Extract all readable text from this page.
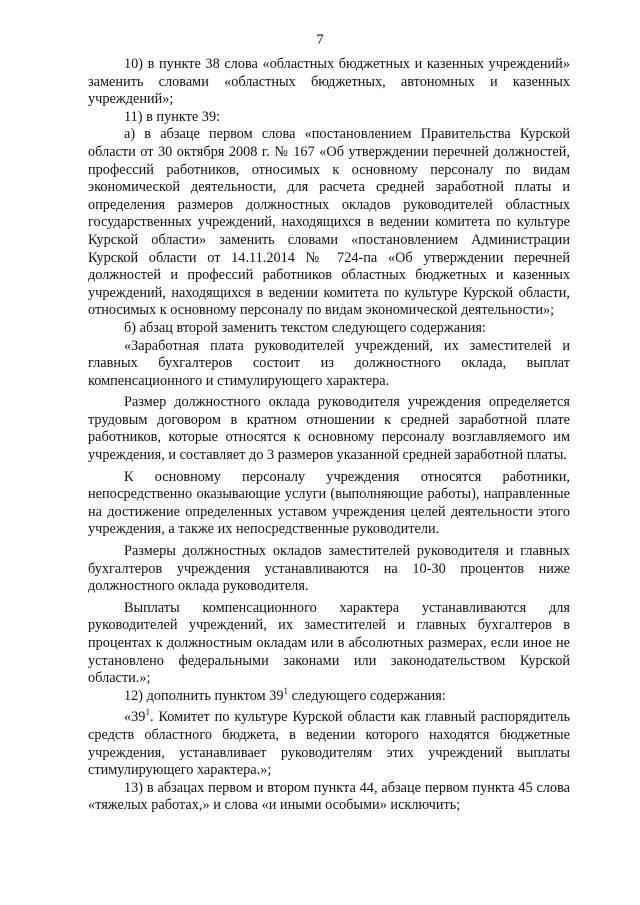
7

10) в пункте 38 слова «областных бюджетных и казенных учреждений» заменить словами «областных бюджетных, автономных и казенных учреждений»;

11) в пункте 39:

а) в абзаце первом слова «постановлением Правительства Курской области от 30 октября 2008 г. № 167 «Об утверждении перечней должностей, профессий работников, относимых к основному персоналу по видам экономической деятельности, для расчета средней заработной платы и определения размеров должностных окладов руководителей областных государственных учреждений, находящихся в ведении комитета по культуре Курской области» заменить словами «постановлением Администрации Курской области от 14.11.2014 № 724-па «Об утверждении перечней должностей и профессий работников областных бюджетных и казенных учреждений, находящихся в ведении комитета по культуре Курской области, относимых к основному персоналу по видам экономической деятельности»;

б) абзац второй заменить текстом следующего содержания:

«Заработная плата руководителей учреждений, их заместителей и главных бухгалтеров состоит из должностного оклада, выплат компенсационного и стимулирующего характера.

Размер должностного оклада руководителя учреждения определяется трудовым договором в кратном отношении к средней заработной плате работников, которые относятся к основному персоналу возглавляемого им учреждения, и составляет до 3 размеров указанной средней заработной платы.

К основному персоналу учреждения относятся работники, непосредственно оказывающие услуги (выполняющие работы), направленные на достижение определенных уставом учреждения целей деятельности этого учреждения, а также их непосредственные руководители.

Размеры должностных окладов заместителей руководителя и главных бухгалтеров учреждения устанавливаются на 10-30 процентов ниже должностного оклада руководителя.

Выплаты компенсационного характера устанавливаются для руководителей учреждений, их заместителей и главных бухгалтеров в процентах к должностным окладам или в абсолютных размерах, если иное не установлено федеральными законами или законодательством Курской области.»;

12) дополнить пунктом $39^1$ следующего содержания:

«$39^1$. Комитет по культуре Курской области как главный распорядитель средств областного бюджета, в ведении которого находятся бюджетные учреждения, устанавливает руководителям этих учреждений выплаты стимулирующего характера.»;

13) в абзацах первом и втором пункта 44, абзаце первом пункта 45 слова «тяжелых работах,» и слова «и иными особыми» исключить;
